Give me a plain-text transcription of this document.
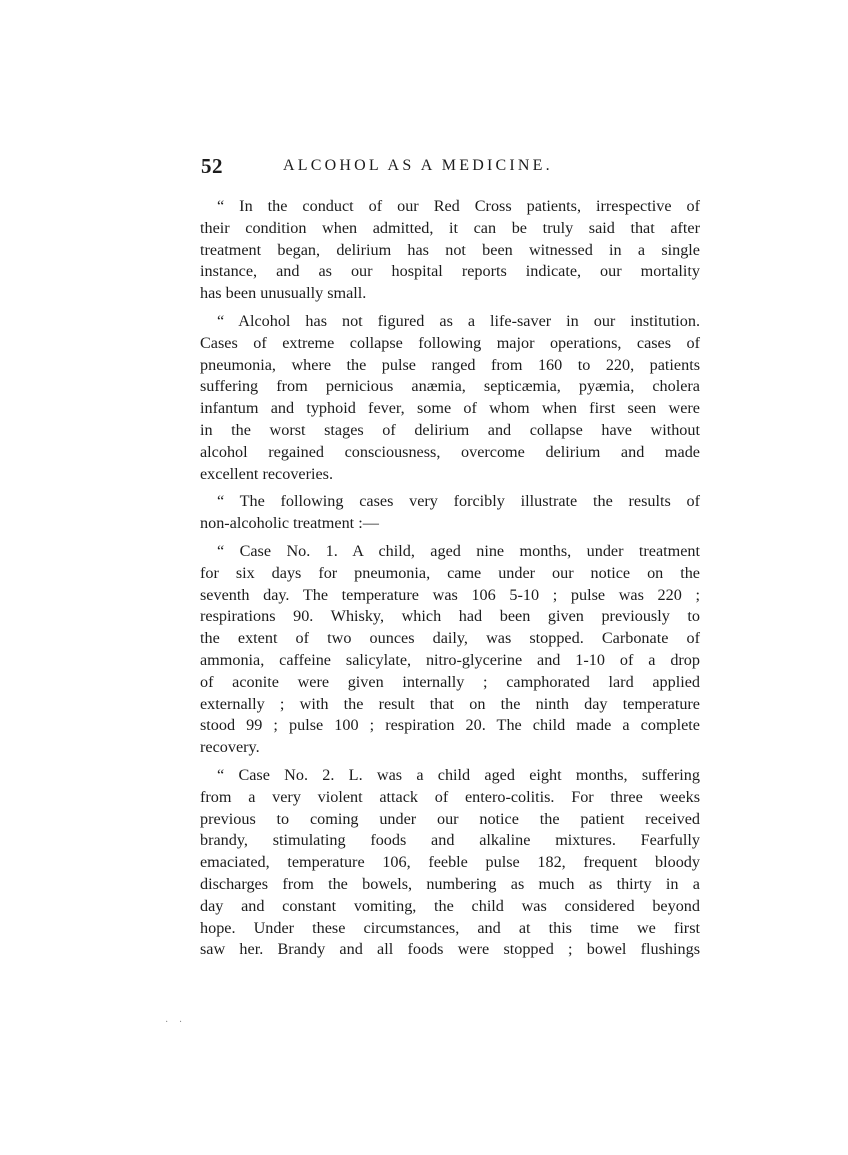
52	ALCOHOL AS A MEDICINE.

“ In the conduct of our Red Cross patients, irrespective of
their condition when admitted, it can be truly said that after
treatment began, delirium has not been witnessed in a single
instance, and as our hospital reports indicate, our mortality
has been unusually small.

“ Alcohol has not figured as a life-saver in our institution.
Cases of extreme collapse following major operations, cases of
pneumonia, where the pulse ranged from 160 to 220, patients
suffering from pernicious anæmia, septicæmia, pyæmia, cholera
infantum and typhoid fever, some of whom when first seen were
in the worst stages of delirium and collapse have without
alcohol regained consciousness, overcome delirium and made
excellent recoveries.

“ The following cases very forcibly illustrate the results of
non-alcoholic treatment :—

“ Case No. 1. A child, aged nine months, under treatment
for six days for pneumonia, came under our notice on the
seventh day. The temperature was 106 5-10 ; pulse was 220 ;
respirations 90. Whisky, which had been given previously to
the extent of two ounces daily, was stopped. Carbonate of
ammonia, caffeine salicylate, nitro-glycerine and 1-10 of a drop
of aconite were given internally ; camphorated lard applied
externally ; with the result that on the ninth day temperature
stood 99 ; pulse 100 ; respiration 20. The child made a complete
recovery.

“ Case No. 2. L. was a child aged eight months, suffering
from a very violent attack of entero-colitis. For three weeks
previous to coming under our notice the patient received
brandy, stimulating foods and alkaline mixtures. Fearfully
emaciated, temperature 106, feeble pulse 182, frequent bloody
discharges from the bowels, numbering as much as thirty in a
day and constant vomiting, the child was considered beyond
hope. Under these circumstances, and at this time we first
saw her. Brandy and all foods were stopped ; bowel flushings

· ·
